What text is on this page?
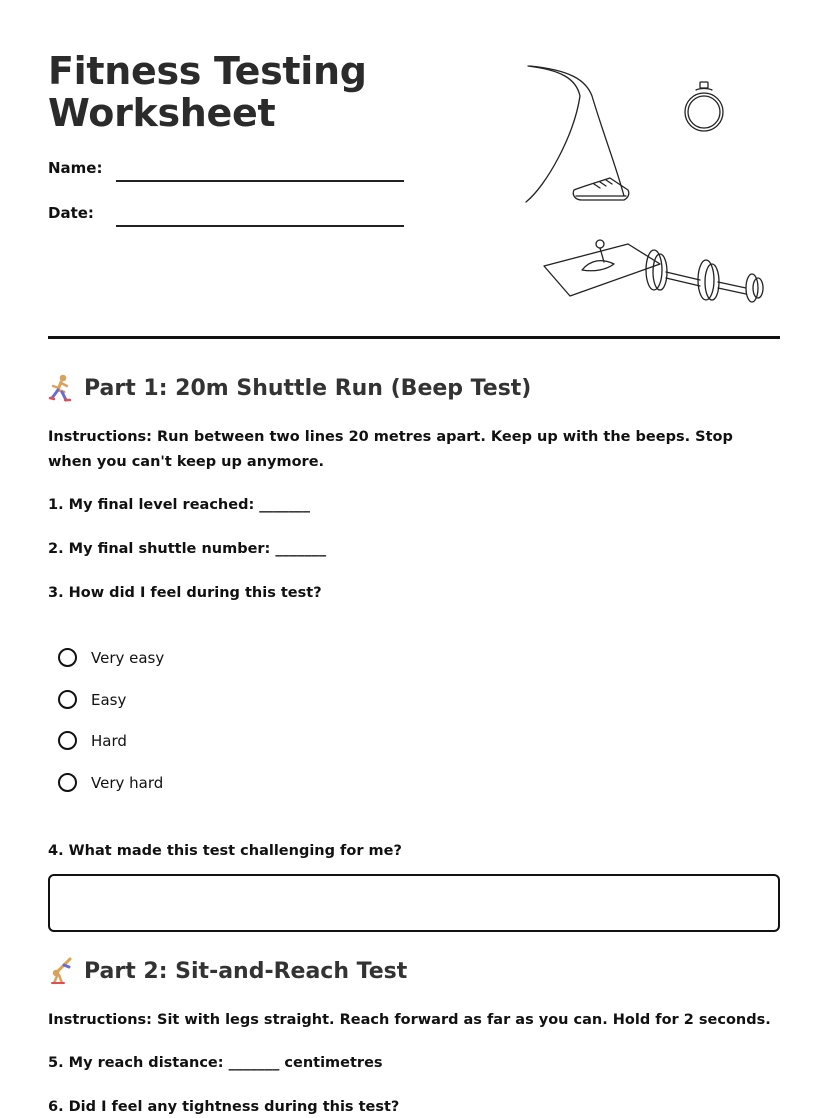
Fitness Testing
Worksheet
Name:
Date:
Part 1: 20m Shuttle Run (Beep Test)

Instructions: Run between two lines 20 metres apart. Keep up with the beeps. Stop when you can't keep up anymore.

1. My final level reached: _______

2. My final shuttle number: _______

3. How did I feel during this test?

Very easy
Easy
Hard
Very hard

4. What made this test challenging for me?

Part 2: Sit-and-Reach Test

Instructions: Sit with legs straight. Reach forward as far as you can. Hold for 2 seconds.

5. My reach distance: _______ centimetres

6. Did I feel any tightness during this test?
